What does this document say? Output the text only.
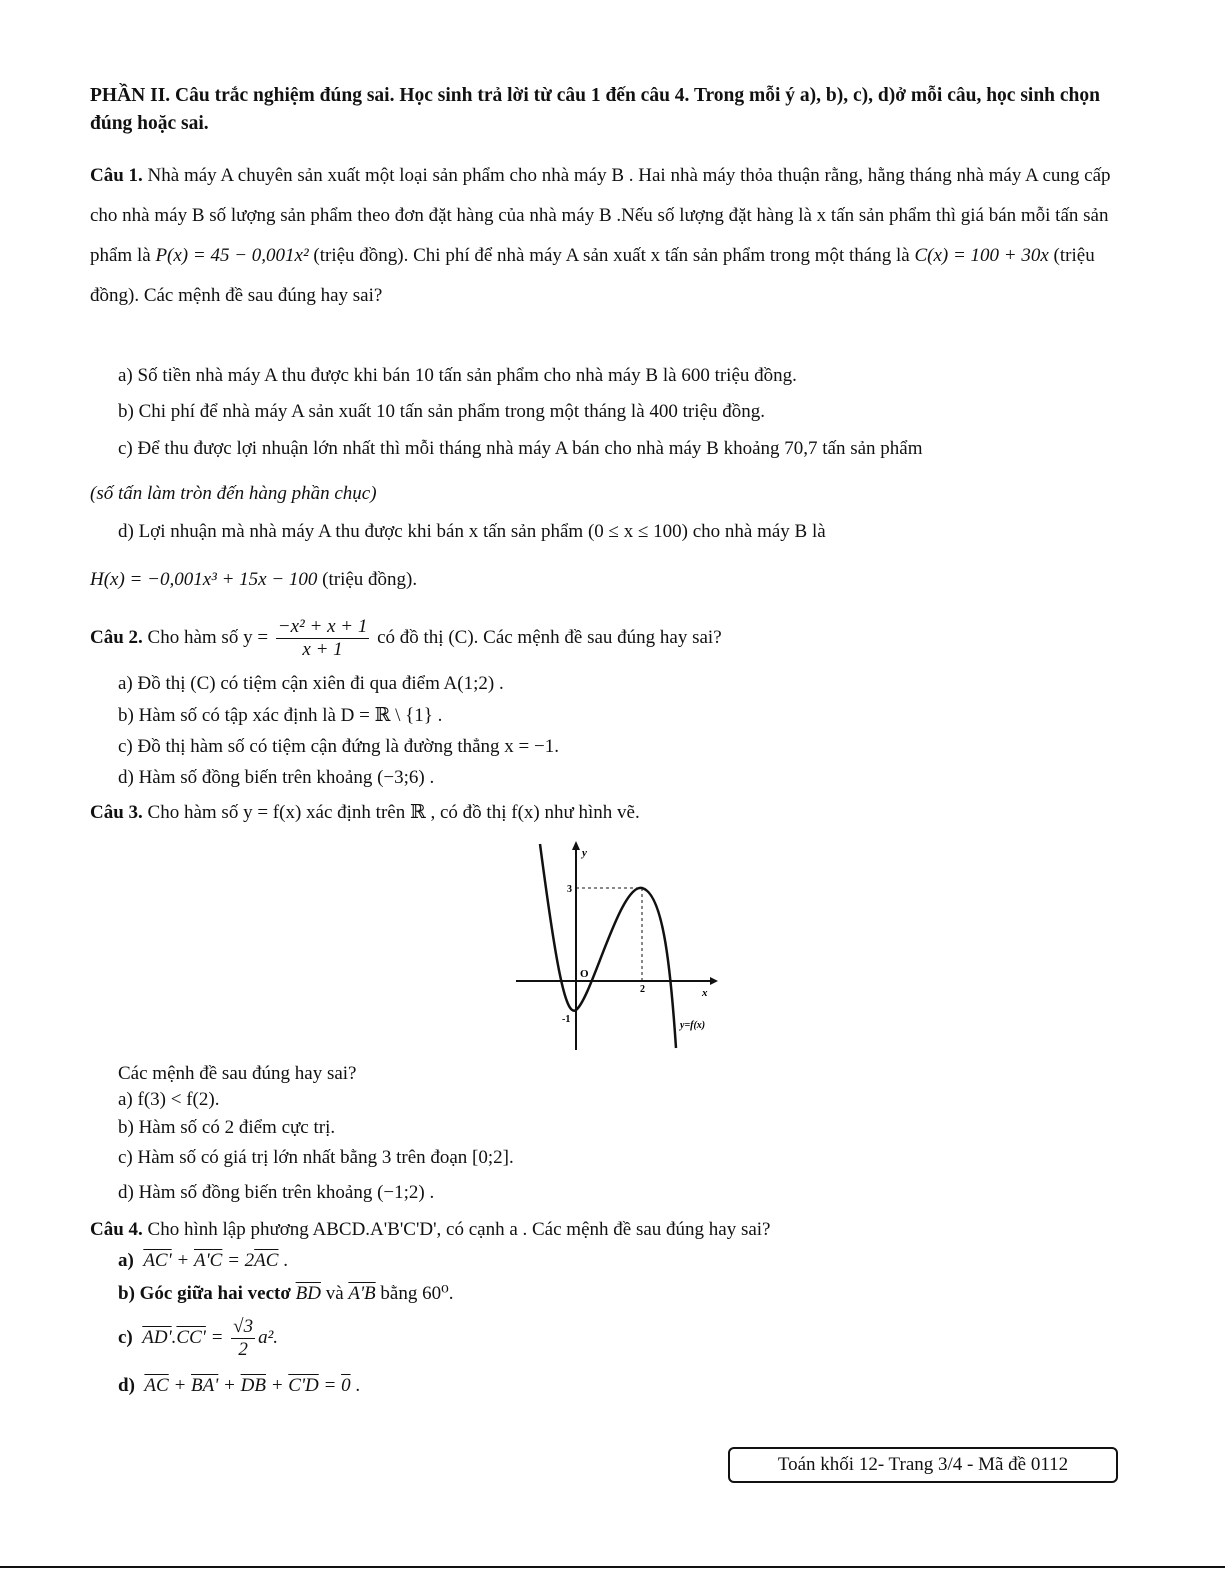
PHẦN II. Câu trắc nghiệm đúng sai. Học sinh trả lời từ câu 1 đến câu 4. Trong mỗi ý a), b), c), d)ở mỗi câu, học sinh chọn đúng hoặc sai.
Câu 1. Nhà máy A chuyên sản xuất một loại sản phẩm cho nhà máy B . Hai nhà máy thỏa thuận rằng, hằng tháng nhà máy A cung cấp cho nhà máy B số lượng sản phẩm theo đơn đặt hàng của nhà máy B .Nếu số lượng đặt hàng là x tấn sản phẩm thì giá bán mỗi tấn sản phẩm là P(x) = 45 − 0,001x² (triệu đồng). Chi phí để nhà máy A sản xuất x tấn sản phẩm trong một tháng là C(x) = 100 + 30x (triệu đồng). Các mệnh đề sau đúng hay sai?
a) Số tiền nhà máy A thu được khi bán 10 tấn sản phẩm cho nhà máy B là 600 triệu đồng.
b) Chi phí để nhà máy A sản xuất 10 tấn sản phẩm trong một tháng là 400 triệu đồng.
c) Để thu được lợi nhuận lớn nhất thì mỗi tháng nhà máy A bán cho nhà máy B khoảng 70,7 tấn sản phẩm
(số tấn làm tròn đến hàng phần chục)
d) Lợi nhuận mà nhà máy A thu được khi bán x tấn sản phẩm (0 ≤ x ≤ 100) cho nhà máy B là
H(x) = −0,001x³ + 15x − 100 (triệu đồng).
Câu 2. Cho hàm số $y = \frac{\text{−x² + x + 1}}{x + 1}$ có đồ thị (C). Các mệnh đề sau đúng hay sai?
a) Đồ thị (C) có tiệm cận xiên đi qua điểm A(1;2) .
b) Hàm số có tập xác định là D = ℝ \ {1} .
c) Đồ thị hàm số có tiệm cận đứng là đường thẳng x = −1.
d) Hàm số đồng biến trên khoảng (−3;6) .
Câu 3. Cho hàm số y = f(x) xác định trên ℝ , có đồ thị f(x) như hình vẽ.
y
x
O
3
-1
2
y=f(x)
Các mệnh đề sau đúng hay sai?
a) f(3) < f(2).
b) Hàm số có 2 điểm cực trị.
c) Hàm số có giá trị lớn nhất bằng 3 trên đoạn [0;2].
d) Hàm số đồng biến trên khoảng (−1;2) .
Câu 4. Cho hình lập phương ABCD.A'B'C'D', có cạnh a . Các mệnh đề sau đúng hay sai?
a) $AC' + A'C = 2\overline{AC}$ .
b) Góc giữa hai vectơ $\overline{BD}$ và A'B bằng 60⁰.
c) $AD'.CC' = \frac{√3}{2} a^2$.
d) $\overline{AC} + BA' + \overline{DB} + C'D = 0$ .
Toán khối 12- Trang 3/4 - Mã đề 0112
